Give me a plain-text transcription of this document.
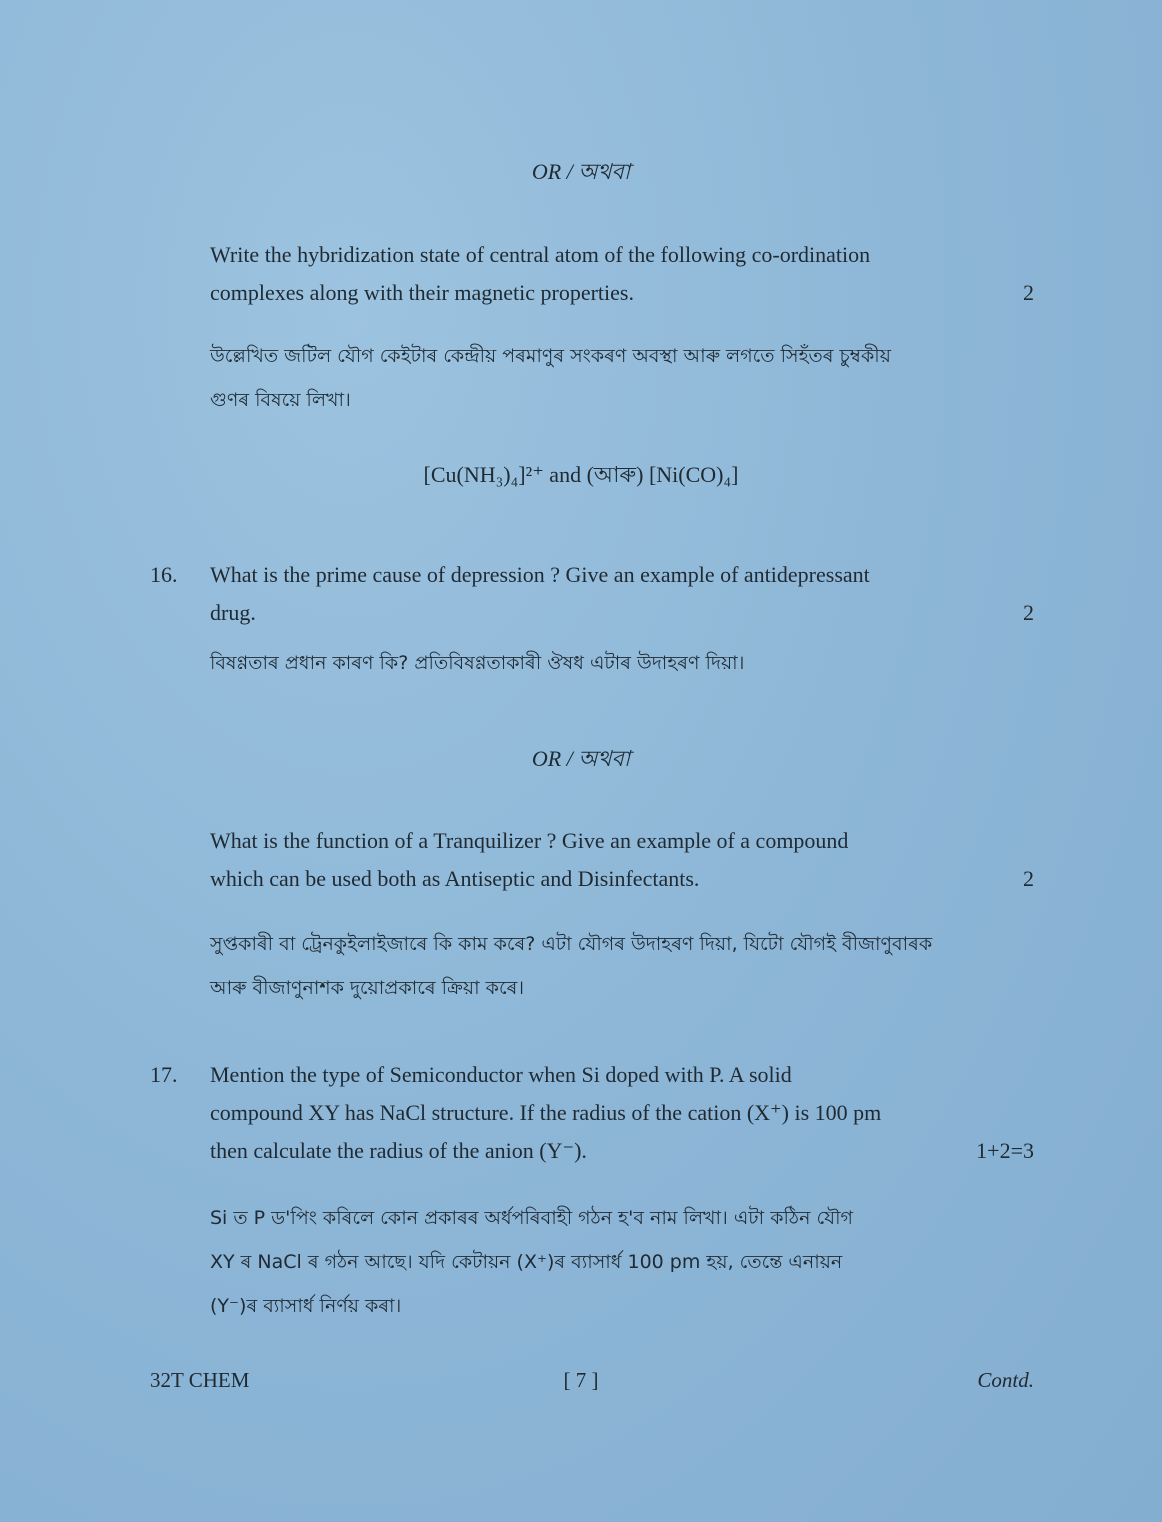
OR / অথবা
Write the hybridization state of central atom of the following co-ordination
complexes along with their magnetic properties.	2
উল্লেখিত জটিল যৌগ কেইটাৰ কেন্দ্ৰীয় পৰমাণুৰ সংকৰণ অবস্থা আৰু লগতে সিহঁতৰ চুম্বকীয়
গুণৰ বিষয়ে লিখা।
[Cu(NH₃)₄]²⁺ and (আৰু) [Ni(CO)₄]
16. What is the prime cause of depression ? Give an example of antidepressant
drug.	2
বিষণ্ণতাৰ প্ৰধান কাৰণ কি? প্ৰতিবিষণ্ণতাকাৰী ঔষধ এটাৰ উদাহৰণ দিয়া।
OR / অথবা
What is the function of a Tranquilizer ? Give an example of a compound
which can be used both as Antiseptic and Disinfectants.	2
সুপ্তকাৰী বা ট্ৰেনকুইলাইজাৰে কি কাম কৰে? এটা যৌগৰ উদাহৰণ দিয়া, যিটো যৌগই বীজাণুবাৰক
আৰু বীজাণুনাশক দুয়োপ্ৰকাৰে ক্ৰিয়া কৰে।
17. Mention the type of Semiconductor when Si doped with P. A solid
compound XY has NaCl structure. If the radius of the cation (X⁺) is 100 pm
then calculate the radius of the anion (Y⁻).	1+2=3
Si ত P ড'পিং কৰিলে কোন প্ৰকাৰৰ অৰ্ধপৰিবাহী গঠন হ'ব নাম লিখা। এটা কঠিন যৌগ
XY ৰ NaCl ৰ গঠন আছে। যদি কেটায়ন (X⁺)ৰ ব্যাসাৰ্ধ 100 pm হয়, তেন্তে এনায়ন
(Y⁻)ৰ ব্যাসাৰ্ধ নিৰ্ণয় কৰা।
32T CHEM	[ 7 ]	Contd.
